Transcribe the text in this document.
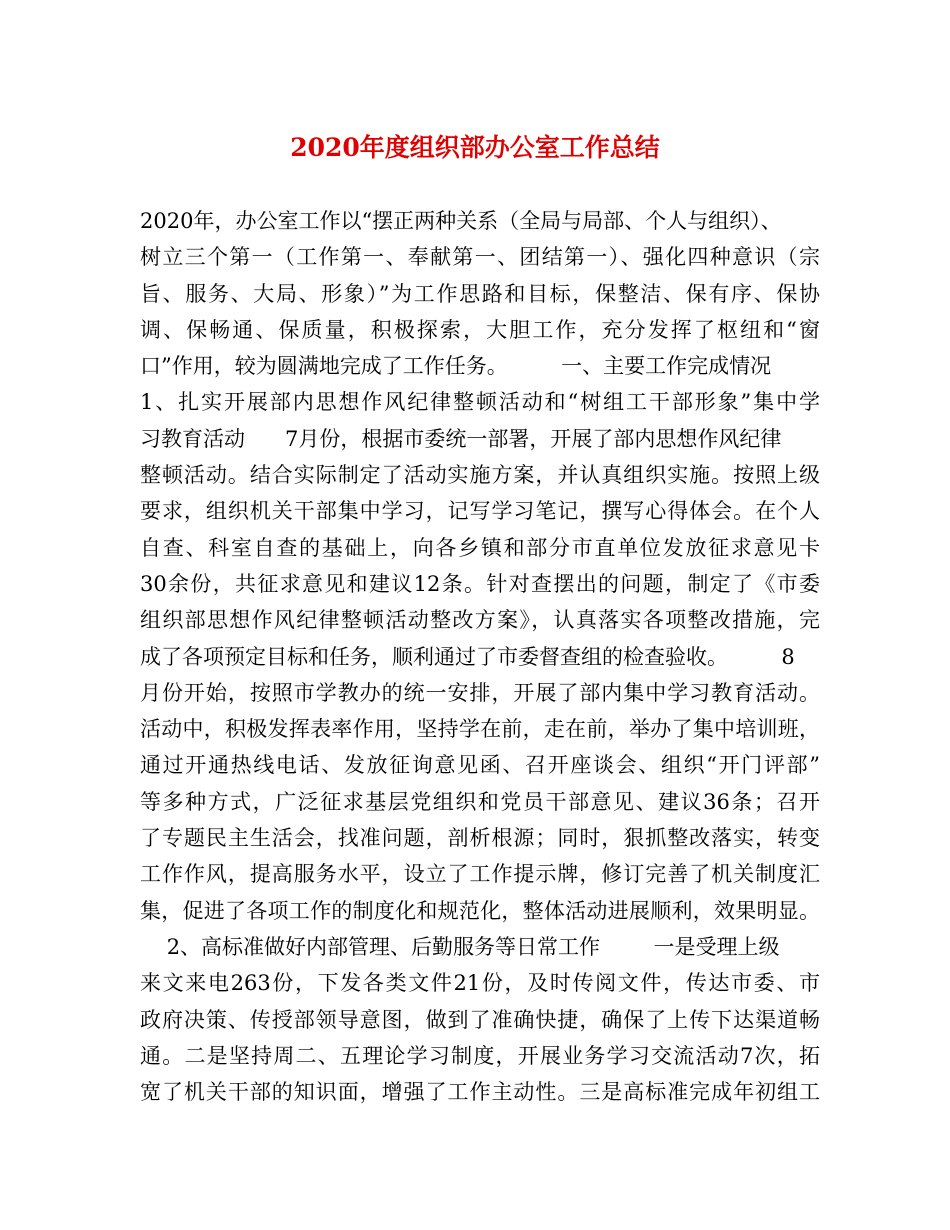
2020年度组织部办公室工作总结
2020年，办公室工作以“摆正两种关系（全局与局部、个人与组织）、
树立三个第一（工作第一、奉献第一、团结第一）、强化四种意识（宗
旨、服务、大局、形象）”为工作思路和目标，保整洁、保有序、保协
调、保畅通、保质量，积极探索，大胆工作，充分发挥了枢纽和“窗
口”作用，较为圆满地完成了工作任务。        一、主要工作完成情况
1、扎实开展部内思想作风纪律整顿活动和“树组工干部形象”集中学
习教育活动      7月份，根据市委统一部署，开展了部内思想作风纪律
整顿活动。结合实际制定了活动实施方案，并认真组织实施。按照上级
要求，组织机关干部集中学习，记写学习笔记，撰写心得体会。在个人
自查、科室自查的基础上，向各乡镇和部分市直单位发放征求意见卡
30余份，共征求意见和建议12条。针对查摆出的问题，制定了《市委
组织部思想作风纪律整顿活动整改方案》，认真落实各项整改措施，完
成了各项预定目标和任务，顺利通过了市委督查组的检查验收。        8
月份开始，按照市学教办的统一安排，开展了部内集中学习教育活动。
活动中，积极发挥表率作用，坚持学在前，走在前，举办了集中培训班，
通过开通热线电话、发放征询意见函、召开座谈会、组织“开门评部”
等多种方式，广泛征求基层党组织和党员干部意见、建议36条；召开
了专题民主生活会，找准问题，剖析根源；同时，狠抓整改落实，转变
工作作风，提高服务水平，设立了工作提示牌，修订完善了机关制度汇
集，促进了各项工作的制度化和规范化，整体活动进展顺利，效果明显。
2、高标准做好内部管理、后勤服务等日常工作        一是受理上级
来文来电263份，下发各类文件21份，及时传阅文件，传达市委、市
政府决策、传授部领导意图，做到了准确快捷，确保了上传下达渠道畅
通。二是坚持周二、五理论学习制度，开展业务学习交流活动7次，拓
宽了机关干部的知识面，增强了工作主动性。三是高标准完成年初组工
